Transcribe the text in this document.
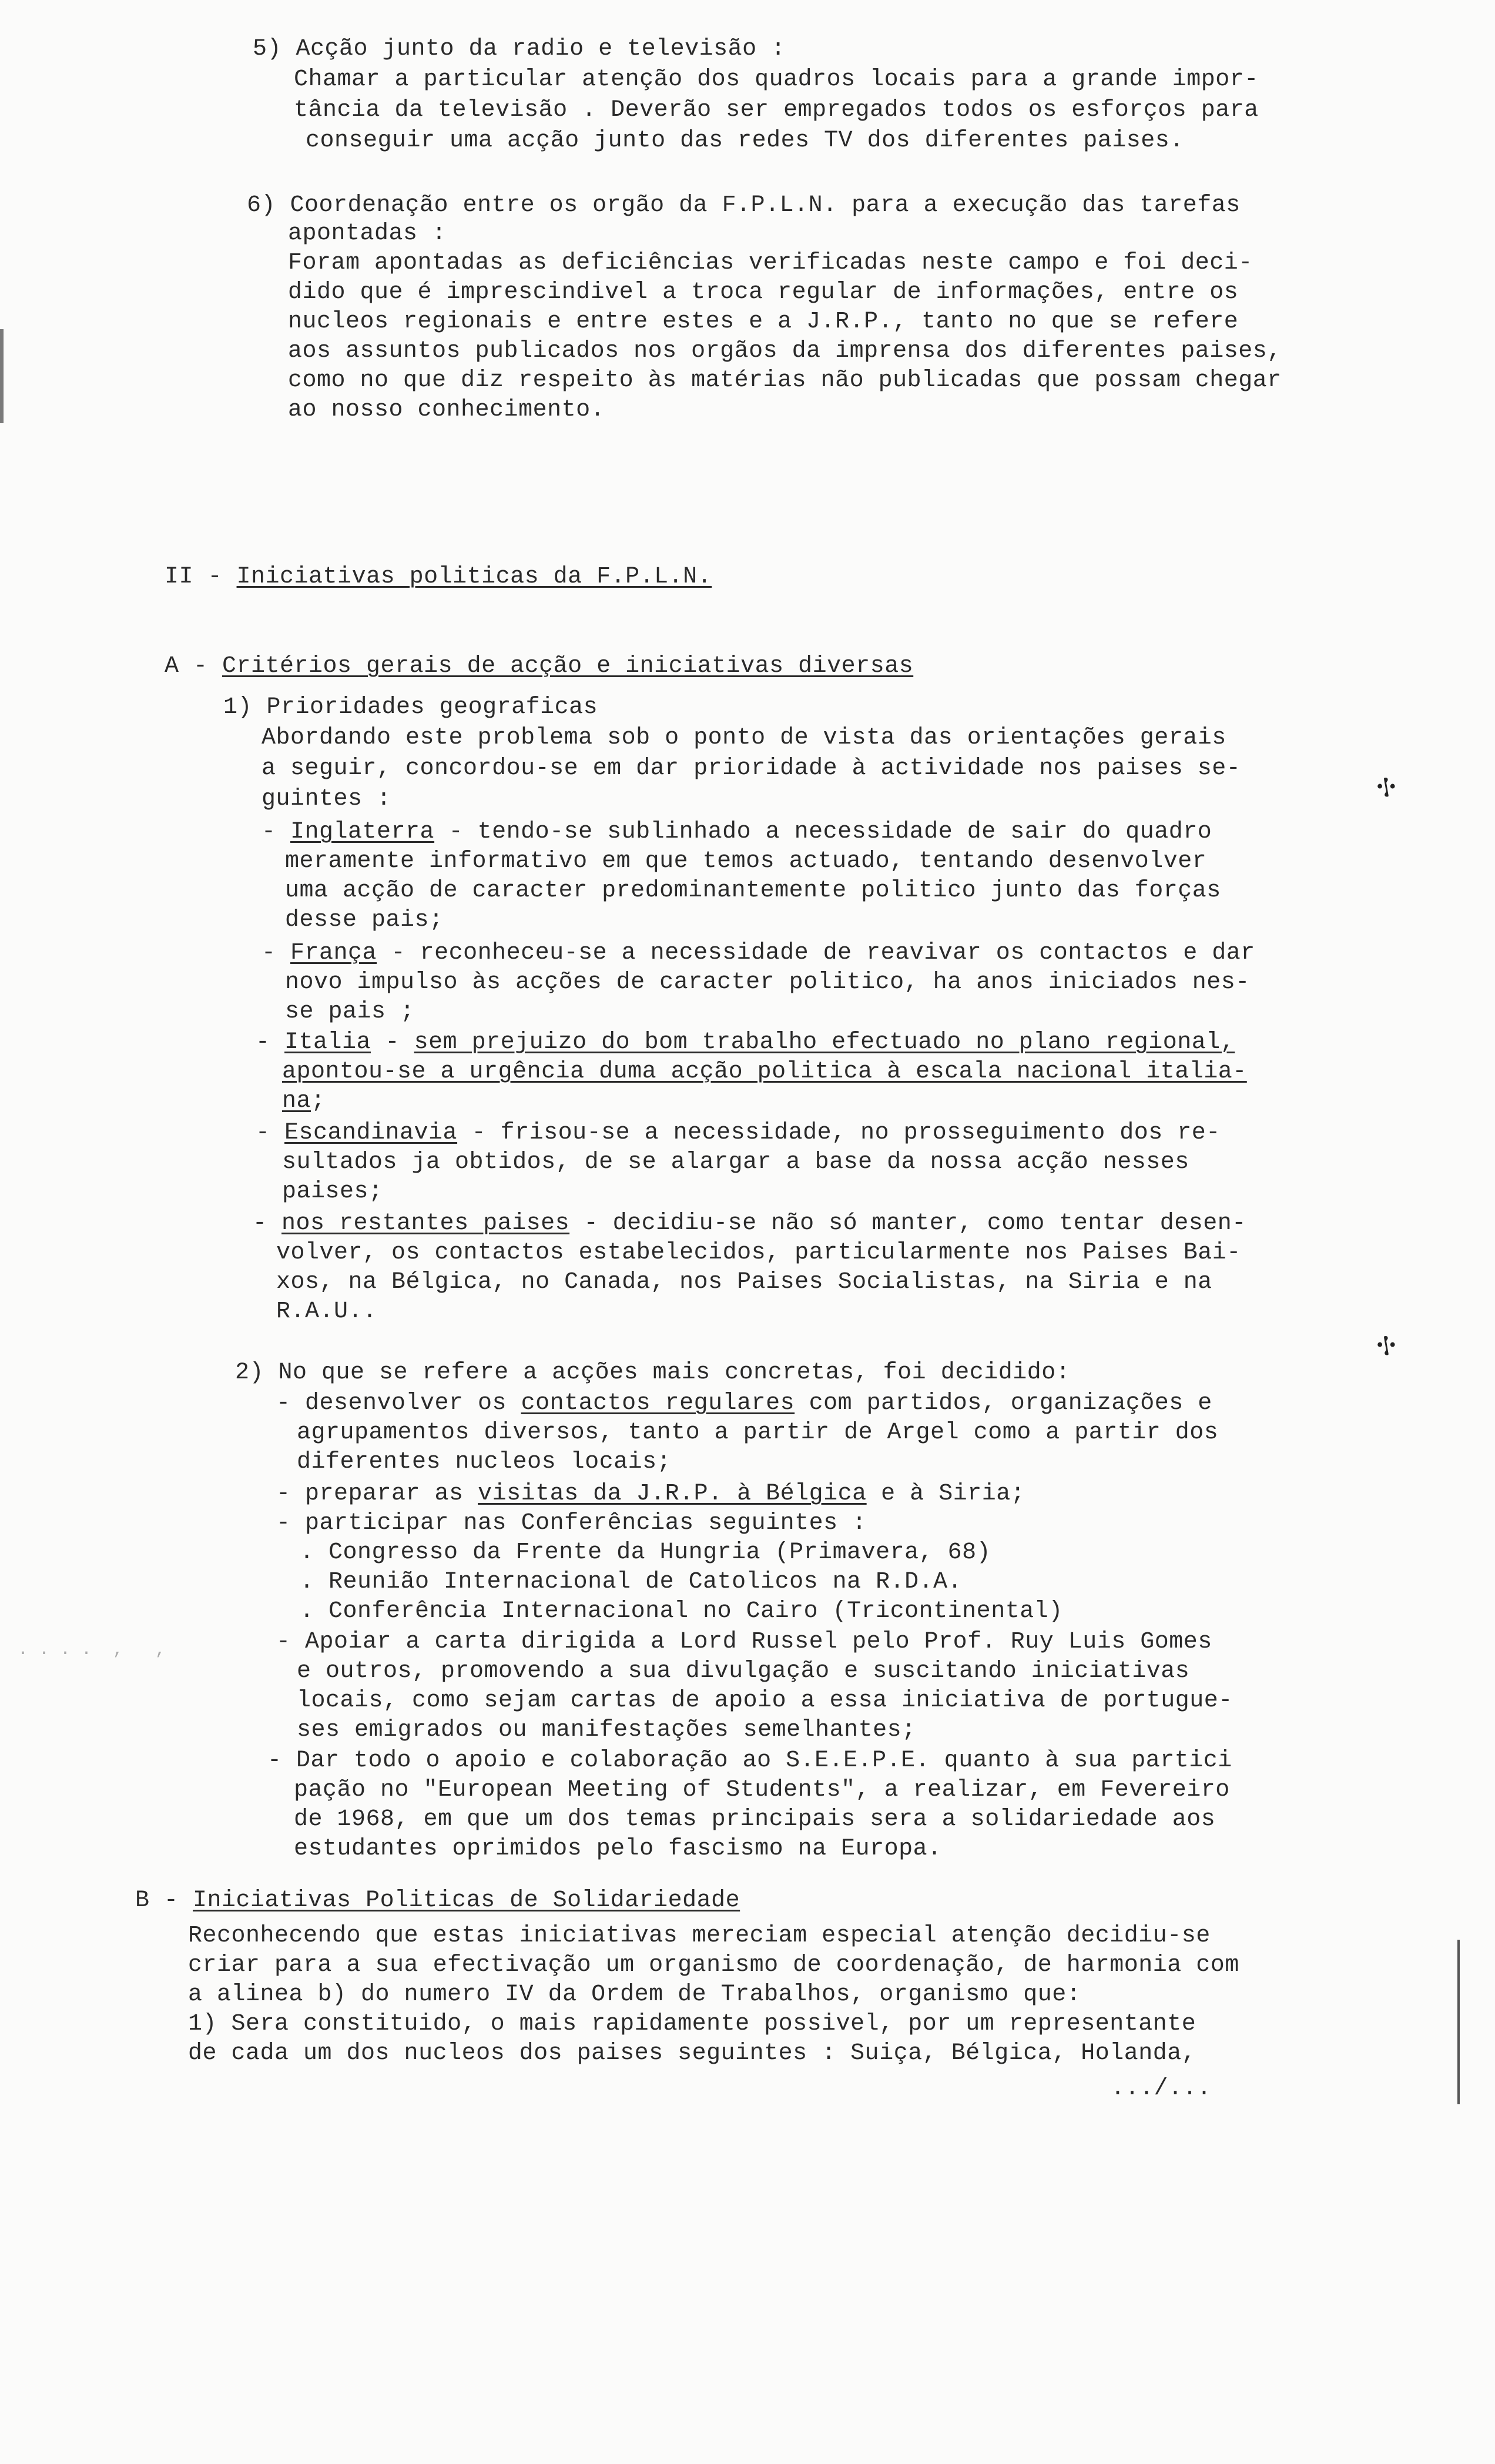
⳾
⳾
. . . .  ,   ,
5) Acção junto da radio e televisão :
Chamar a particular atenção dos quadros locais para a grande impor-
tância da televisão . Deverão ser empregados todos os esforços para
conseguir uma acção junto das redes TV dos diferentes paises.
6) Coordenação entre os orgão da F.P.L.N. para a execução das tarefas
apontadas :
Foram apontadas as deficiências verificadas neste campo e foi deci-
dido que é imprescindivel a troca regular de informações, entre os
nucleos regionais e entre estes e a J.R.P., tanto no que se refere
aos assuntos publicados nos orgãos da imprensa dos diferentes paises,
como no que diz respeito às matérias não publicadas que possam chegar
ao nosso conhecimento.
II - Iniciativas politicas da F.P.L.N.
A - Critérios gerais de acção e iniciativas diversas
1) Prioridades geograficas
Abordando este problema sob o ponto de vista das orientações gerais
a seguir, concordou-se em dar prioridade à actividade nos paises se-
guintes :
- Inglaterra - tendo-se sublinhado a necessidade de sair do quadro
meramente informativo em que temos actuado, tentando desenvolver
uma acção de caracter predominantemente politico junto das forças
desse pais;
- França - reconheceu-se a necessidade de reavivar os contactos e dar
novo impulso às acções de caracter politico, ha anos iniciados nes-
se pais ;
- Italia - sem prejuizo do bom trabalho efectuado no plano regional,
apontou-se a urgência duma acção politica à escala nacional italia-
na;
- Escandinavia - frisou-se a necessidade, no prosseguimento dos re-
sultados ja obtidos, de se alargar a base da nossa acção nesses
paises;
- nos restantes paises - decidiu-se não só manter, como tentar desen-
volver, os contactos estabelecidos, particularmente nos Paises Bai-
xos, na Bélgica, no Canada, nos Paises Socialistas, na Siria e na
R.A.U..
2) No que se refere a acções mais concretas, foi decidido:
- desenvolver os contactos regulares com partidos, organizações e
agrupamentos diversos, tanto a partir de Argel como a partir dos
diferentes nucleos locais;
- preparar as visitas da J.R.P. à Bélgica e à Siria;
- participar nas Conferências seguintes :
. Congresso da Frente da Hungria (Primavera, 68)
. Reunião Internacional de Catolicos na R.D.A.
. Conferência Internacional no Cairo (Tricontinental)
- Apoiar a carta dirigida a Lord Russel pelo Prof. Ruy Luis Gomes
e outros, promovendo a sua divulgação e suscitando iniciativas
locais, como sejam cartas de apoio a essa iniciativa de portugue-
ses emigrados ou manifestações semelhantes;
- Dar todo o apoio e colaboração ao S.E.E.P.E. quanto à sua partici
pação no "European Meeting of Students", a realizar, em Fevereiro
de 1968, em que um dos temas principais sera a solidariedade aos
estudantes oprimidos pelo fascismo na Europa.
B - Iniciativas Politicas de Solidariedade
Reconhecendo que estas iniciativas mereciam especial atenção decidiu-se
criar para a sua efectivação um organismo de coordenação, de harmonia com
a alinea b) do numero IV da Ordem de Trabalhos, organismo que:
1) Sera constituido, o mais rapidamente possivel, por um representante
de cada um dos nucleos dos paises seguintes : Suiça, Bélgica, Holanda,
.../...
